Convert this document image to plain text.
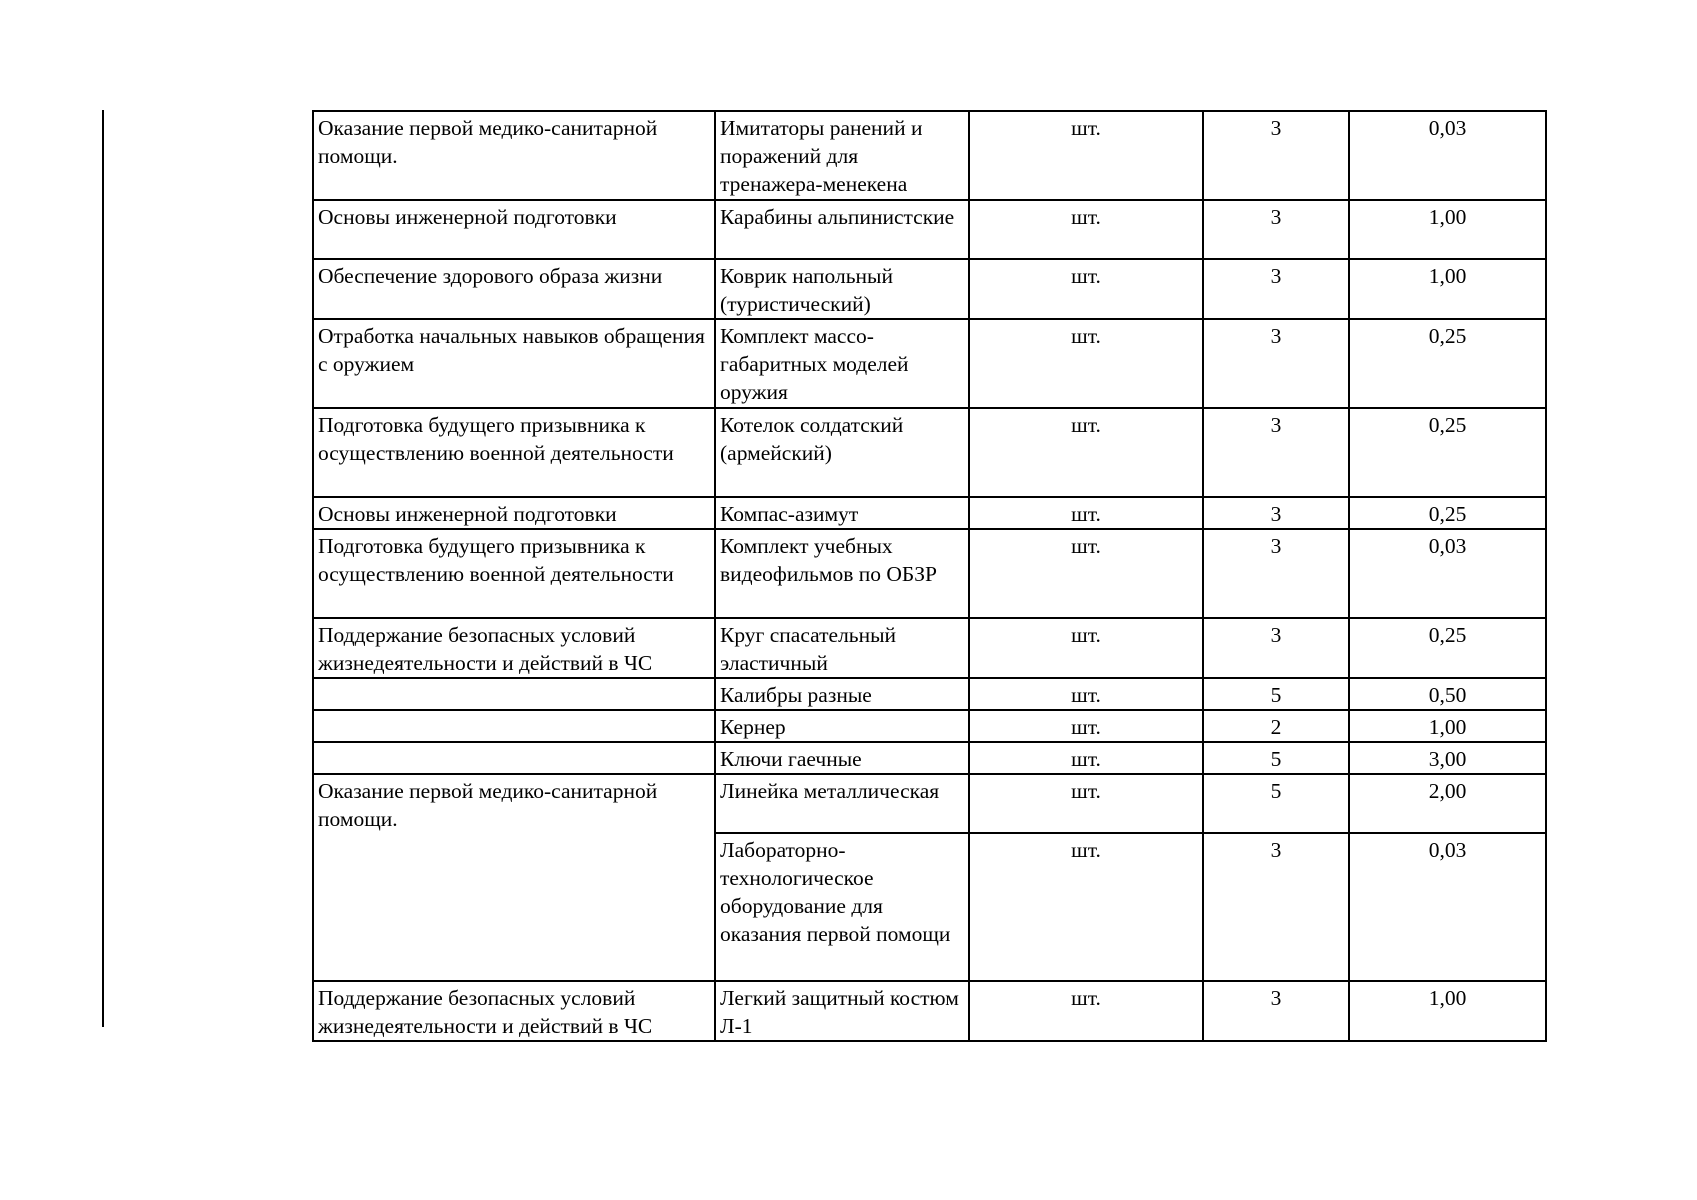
Оказание первой медико-санитарной помощи.	Имитаторы ранений и поражений для тренажера-менекена	шт.	3	0,03
Основы инженерной подготовки	Карабины альпинистские	шт.	3	1,00
Обеспечение здорового образа жизни	Коврик напольный (туристический)	шт.	3	1,00
Отработка начальных навыков обращения с оружием	Комплект массо-габаритных моделей оружия	шт.	3	0,25
Подготовка будущего призывника к осуществлению военной деятельности	Котелок солдатский (армейский)	шт.	3	0,25
Основы инженерной подготовки	Компас-азимут	шт.	3	0,25
Подготовка будущего призывника к осуществлению военной деятельности	Комплект учебных видеофильмов по ОБЗР	шт.	3	0,03
Поддержание безопасных условий жизнедеятельности и действий в ЧС	Круг спасательный эластичный	шт.	3	0,25
	Калибры разные	шт.	5	0,50
	Кернер	шт.	2	1,00
	Ключи гаечные	шт.	5	3,00
Оказание первой медико-санитарной помощи.	Линейка металлическая	шт.	5	2,00
	Лабораторно-технологическое оборудование для оказания первой помощи	шт.	3	0,03
Поддержание безопасных условий жизнедеятельности и действий в ЧС	Легкий защитный костюм Л-1	шт.	3	1,00
